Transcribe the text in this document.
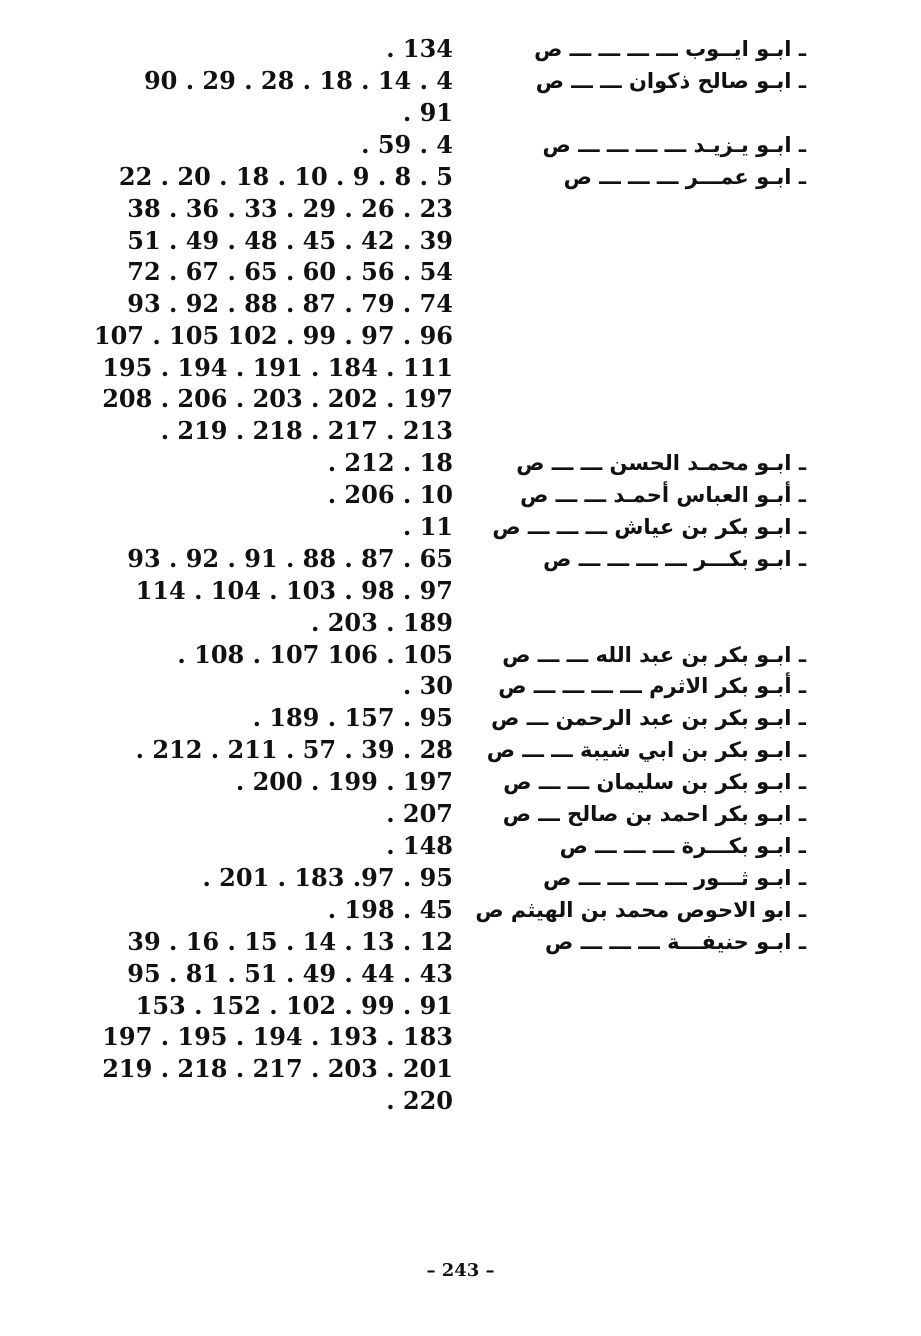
ـ ابـو ايــوب ـــ ـــ ـــ ـــ ص
. 134
ـ ابـو صالح ذكوان ـــ ـــ ص
90 . 29 . 28 . 18 . 14 . 4
. 91
ـ ابـو يـزيـد ـــ ـــ ـــ ـــ ص
. 59 . 4
ـ ابـو عمـــر ـــ ـــ ـــ ص
22 . 20 . 18 . 10 . 9 . 8 . 5
38 . 36 . 33 . 29 . 26 . 23
51 . 49 . 48 . 45 . 42 . 39
72 . 67 . 65 . 60 . 56 . 54
93 . 92 . 88 . 87 . 79 . 74
107 . 105 102 . 99 . 97 . 96
195 . 194 . 191 . 184 . 111
208 . 206 . 203 . 202 . 197
. 219 . 218 . 217 . 213
ـ ابـو محمـد الحسن ـــ ـــ ص
. 212 . 18
ـ أبـو العباس أحمـد ـــ ـــ ص
. 206 . 10
ـ ابـو بكر بن عياش ـــ ـــ ـــ ص
. 11
ـ ابـو بكـــر ـــ ـــ ـــ ـــ ص
93 . 92 . 91 . 88 . 87 . 65
114 . 104 . 103 . 98 . 97
. 203 . 189
ـ ابـو بكر بن عبد الله ـــ ـــ ص
. 108 . 107 106 . 105
ـ أبـو بكر الاثرم ـــ ـــ ـــ ـــ ص
. 30
ـ ابـو بكر بن عبد الرحمن ـــ ص
. 189 . 157 . 95
ـ ابـو بكر بن ابي شيبة ـــ ـــ ص
. 212 . 211 . 57 . 39 . 28
ـ ابـو بكر بن سليمان ـــ ـــ ص
. 200 . 199 . 197
ـ ابـو بكر احمد بن صالح ـــ ص
. 207
ـ ابـو بكـــرة ـــ ـــ ـــ ص
. 148
ـ ابـو ثـــور ـــ ـــ ـــ ـــ ص
. 201 . 183 .97 . 95
ـ ابو الاحوص محمد بن الهيثم ص
. 198 . 45
ـ ابـو حنيفـــة ـــ ـــ ـــ ص
39 . 16 . 15 . 14 . 13 . 12
95 . 81 . 51 . 49 . 44 . 43
153 . 152 . 102 . 99 . 91
197 . 195 . 194 . 193 . 183
219 . 218 . 217 . 203 . 201
. 220
– 243 –
